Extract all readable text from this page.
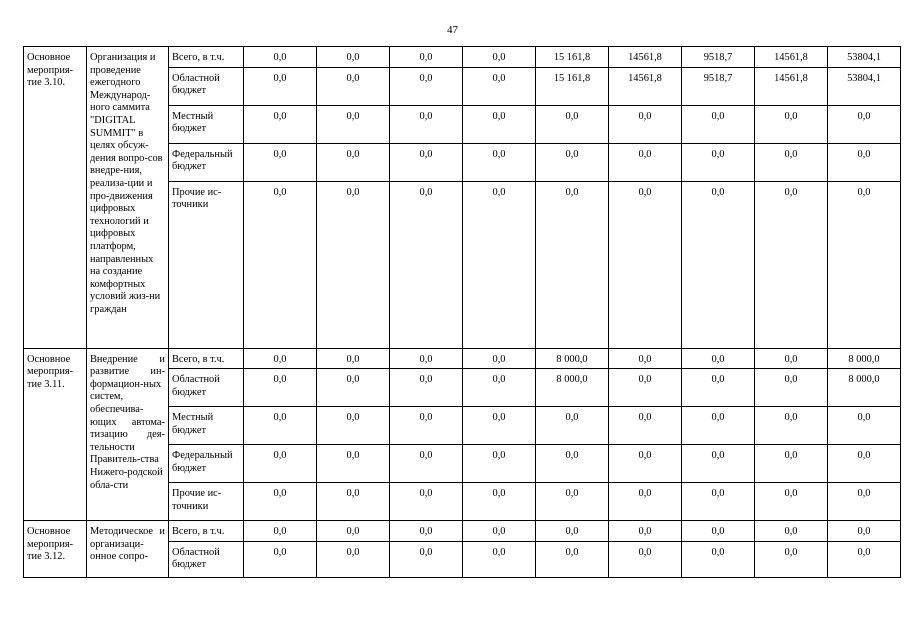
47
Основное мероприя-тие 3.10.	Организация и проведение ежегодного Международ-ного саммита "DIGITAL SUMMIT" в целях обсуж-дения вопро-сов внедре-ния, реализа-ции и про-движения цифровых технологий и цифровых платформ, направленных на создание комфортных условий жиз-ни граждан	Всего, в т.ч.	0,0	0,0	0,0	0,0	15 161,8	14561,8	9518,7	14561,8	53804,1
		Областной бюджет	0,0	0,0	0,0	0,0	15 161,8	14561,8	9518,7	14561,8	53804,1
		Местный бюджет	0,0	0,0	0,0	0,0	0,0	0,0	0,0	0,0	0,0
		Федеральный бюджет	0,0	0,0	0,0	0,0	0,0	0,0	0,0	0,0	0,0
		Прочие ис-точники	0,0	0,0	0,0	0,0	0,0	0,0	0,0	0,0	0,0
Основное мероприя-тие 3.11.	Внедрение и развитие ин-формацион-ных систем, обеспечива-ющих автома-тизацию дея-тельности Правитель-ства Нижего-родской обла-сти	Всего, в т.ч.	0,0	0,0	0,0	0,0	8 000,0	0,0	0,0	0,0	8 000,0
		Областной бюджет	0,0	0,0	0,0	0,0	8 000,0	0,0	0,0	0,0	8 000,0
		Местный бюджет	0,0	0,0	0,0	0,0	0,0	0,0	0,0	0,0	0,0
		Федеральный бюджет	0,0	0,0	0,0	0,0	0,0	0,0	0,0	0,0	0,0
		Прочие ис-точники	0,0	0,0	0,0	0,0	0,0	0,0	0,0	0,0	0,0
Основное мероприя-тие 3.12.	Методическое и организаци-онное сопро-	Всего, в т.ч.	0,0	0,0	0,0	0,0	0,0	0,0	0,0	0,0	0,0
		Областной бюджет	0,0	0,0	0,0	0,0	0,0	0,0	0,0	0,0	0,0
